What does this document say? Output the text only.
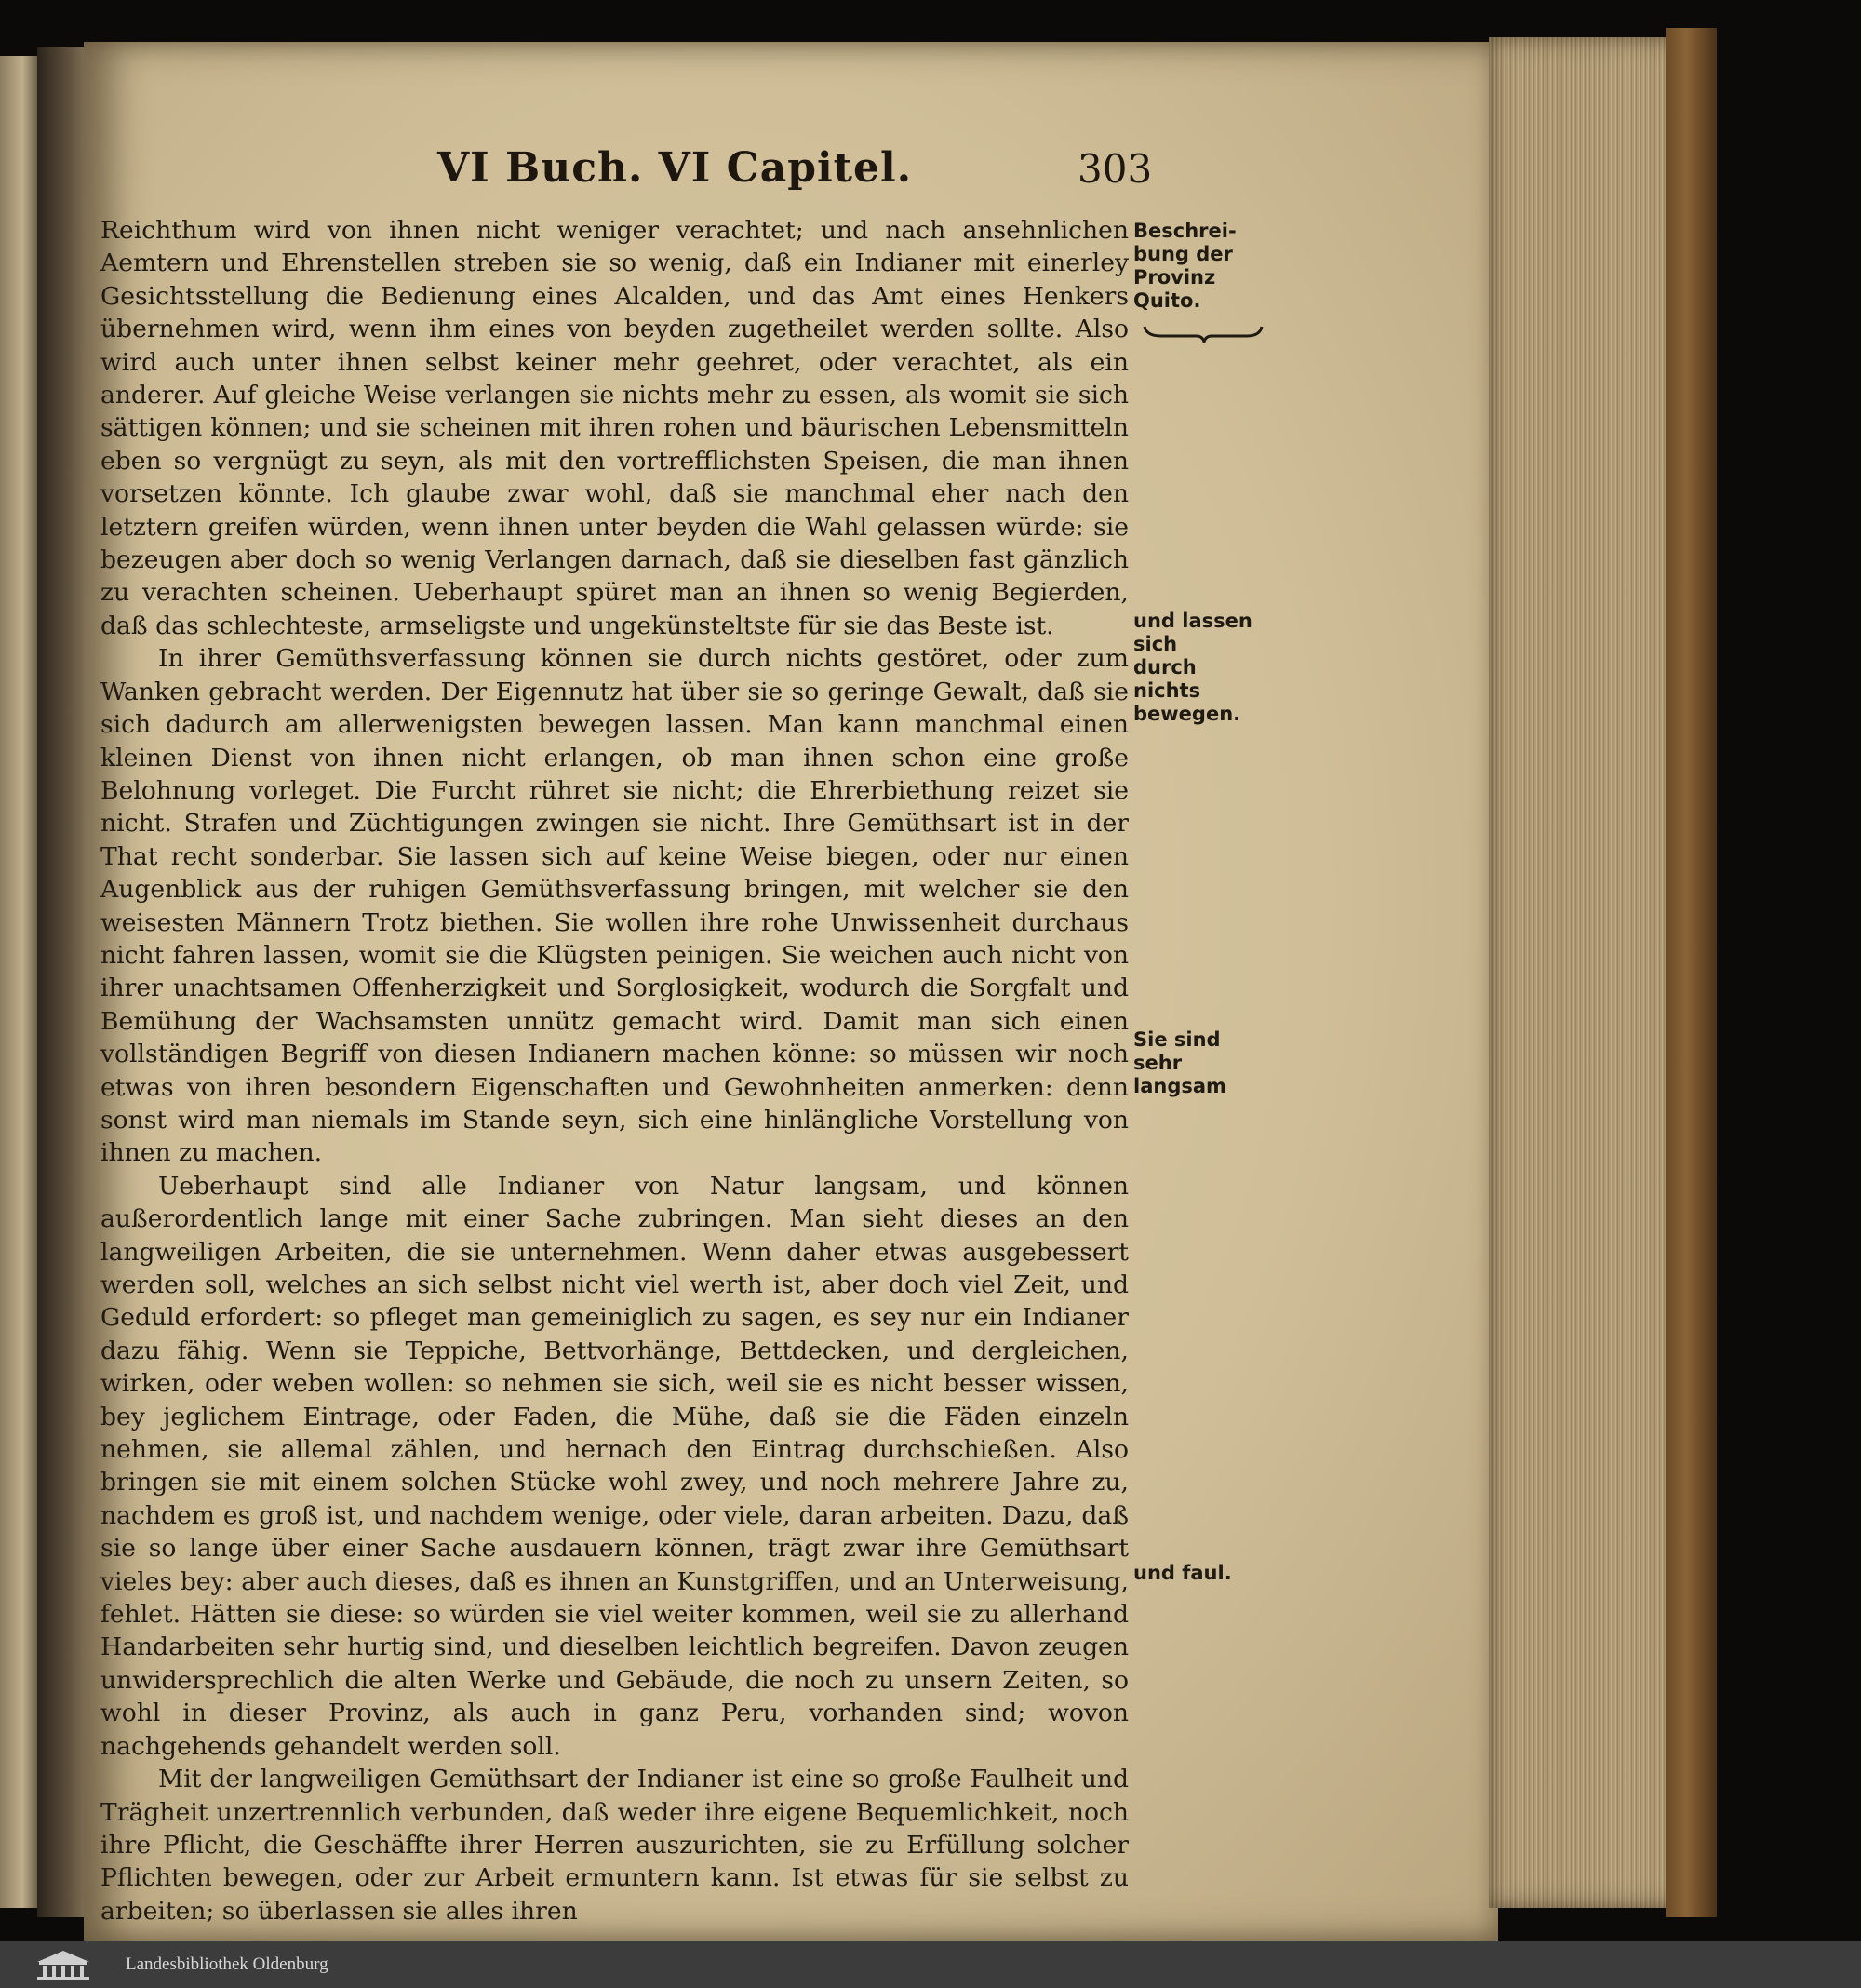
VI Buch. VI Capitel.	303

Reichthum wird von ihnen nicht weniger verachtet; und nach ansehnlichen Aemtern und Ehrenstellen streben sie so wenig, daß ein Indianer mit einerley Gesichtsstellung die Bedienung eines Alcalden, und das Amt eines Henkers übernehmen wird, wenn ihm eines von beyden zugetheilet werden sollte. Also wird auch unter ihnen selbst keiner mehr geehret, oder verachtet, als ein anderer. Auf gleiche Weise verlangen sie nichts mehr zu essen, als womit sie sich sättigen können; und sie scheinen mit ihren rohen und bäurischen Lebensmitteln eben so vergnügt zu seyn, als mit den vortrefflichsten Speisen, die man ihnen vorsetzen könnte. Ich glaube zwar wohl, daß sie manchmal eher nach den letztern greifen würden, wenn ihnen unter beyden die Wahl gelassen würde: sie bezeugen aber doch so wenig Verlangen darnach, daß sie dieselben fast gänzlich zu verachten scheinen. Ueberhaupt spüret man an ihnen so wenig Begierden, daß das schlechteste, armseligste und ungekünsteltste für sie das Beste ist.

In ihrer Gemüthsverfassung können sie durch nichts gestöret, oder zum Wanken gebracht werden. Der Eigennutz hat über sie so geringe Gewalt, daß sie sich dadurch am allerwenigsten bewegen lassen. Man kann manchmal einen kleinen Dienst von ihnen nicht erlangen, ob man ihnen schon eine große Belohnung vorleget. Die Furcht rühret sie nicht; die Ehrerbiethung reizet sie nicht. Strafen und Züchtigungen zwingen sie nicht. Ihre Gemüthsart ist in der That recht sonderbar. Sie lassen sich auf keine Weise biegen, oder nur einen Augenblick aus der ruhigen Gemüthsverfassung bringen, mit welcher sie den weisesten Männern Trotz biethen. Sie wollen ihre rohe Unwissenheit durchaus nicht fahren lassen, womit sie die Klügsten peinigen. Sie weichen auch nicht von ihrer unachtsamen Offenherzigkeit und Sorglosigkeit, wodurch die Sorgfalt und Bemühung der Wachsamsten unnütz gemacht wird. Damit man sich einen vollständigen Begriff von diesen Indianern machen könne: so müssen wir noch etwas von ihren besondern Eigenschaften und Gewohnheiten anmerken: denn sonst wird man niemals im Stande seyn, sich eine hinlängliche Vorstellung von ihnen zu machen.

Ueberhaupt sind alle Indianer von Natur langsam, und können außerordentlich lange mit einer Sache zubringen. Man sieht dieses an den langweiligen Arbeiten, die sie unternehmen. Wenn daher etwas ausgebessert werden soll, welches an sich selbst nicht viel werth ist, aber doch viel Zeit, und Geduld erfordert: so pfleget man gemeiniglich zu sagen, es sey nur ein Indianer dazu fähig. Wenn sie Teppiche, Bettvorhänge, Bettdecken, und dergleichen, wirken, oder weben wollen: so nehmen sie sich, weil sie es nicht besser wissen, bey jeglichem Eintrage, oder Faden, die Mühe, daß sie die Fäden einzeln nehmen, sie allemal zählen, und hernach den Eintrag durchschießen. Also bringen sie mit einem solchen Stücke wohl zwey, und noch mehrere Jahre zu, nachdem es groß ist, und nachdem wenige, oder viele, daran arbeiten. Dazu, daß sie so lange über einer Sache ausdauern können, trägt zwar ihre Gemüthsart vieles bey: aber auch dieses, daß es ihnen an Kunstgriffen, und an Unterweisung, fehlet. Hätten sie diese: so würden sie viel weiter kommen, weil sie zu allerhand Handarbeiten sehr hurtig sind, und dieselben leichtlich begreifen. Davon zeugen unwidersprechlich die alten Werke und Gebäude, die noch zu unsern Zeiten, so wohl in dieser Provinz, als auch in ganz Peru, vorhanden sind; wovon nachgehends gehandelt werden soll.

Mit der langweiligen Gemüthsart der Indianer ist eine so große Faulheit und Trägheit unzertrennlich verbunden, daß weder ihre eigene Bequemlichkeit, noch ihre Pflicht, die Geschäffte ihrer Herren auszurichten, sie zu Erfüllung solcher Pflichten bewegen, oder zur Arbeit ermuntern kann. Ist etwas für sie selbst zu arbeiten; so überlassen sie alles ihren

Beschrei-
bung der
Provinz
Quito.
und lassen sich
durch nichts
bewegen.
Sie sind
sehr langsam
und faul.
Landesbibliothek Oldenburg
